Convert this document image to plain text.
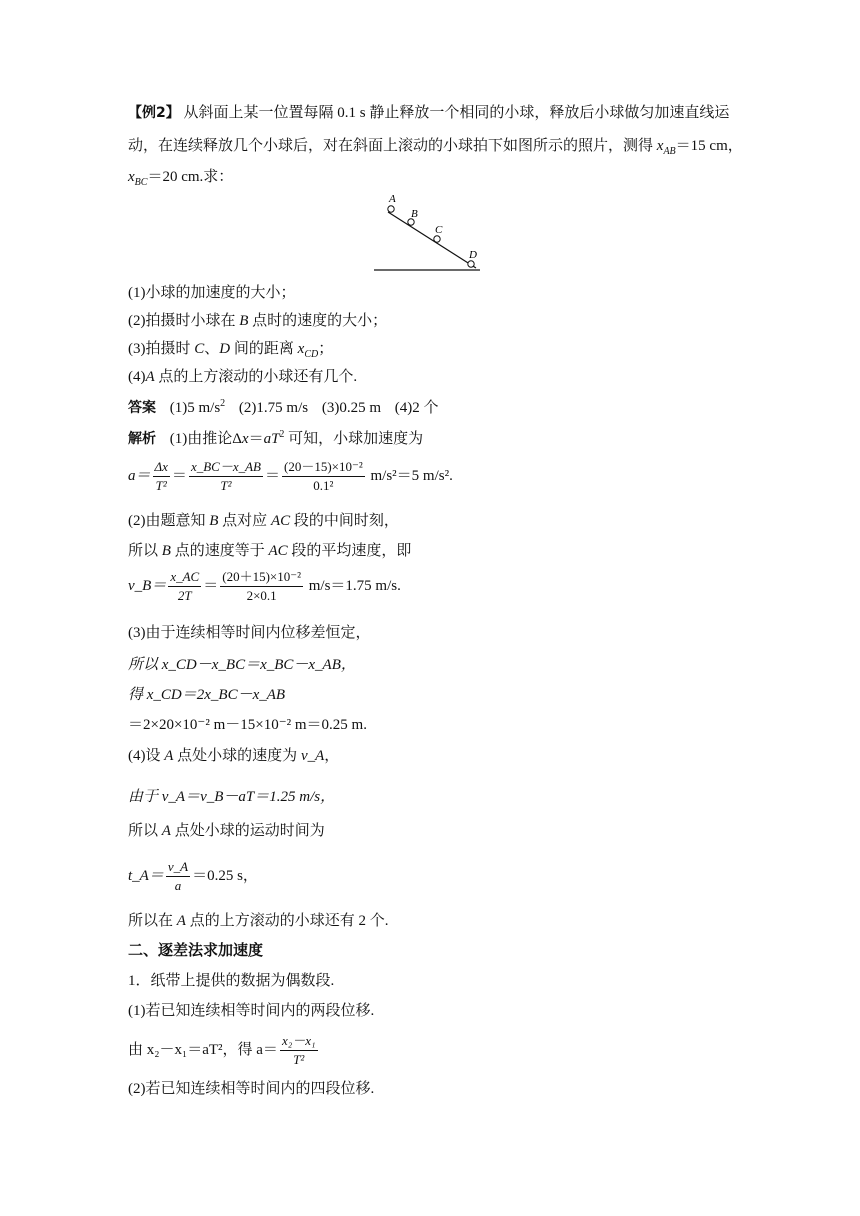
【例2】 从斜面上某一位置每隔 0.1 s 静止释放一个相同的小球，释放后小球做匀加速直线运
动，在连续释放几个小球后，对在斜面上滚动的小球拍下如图所示的照片，测得 $x_{AB}=15$ cm，
$x_{BC}=20$ cm.求：
A
B
C
D
(1)小球的加速度的大小；
(2)拍摄时小球在 B 点时的速度的大小；
(3)拍摄时 C、D 间的距离 $x_{CD}$；
(4)A 点的上方滚动的小球还有几个.
答案 (1)5 $m/s^2$ (2)1.75 m/s (3)0.25 m (4)2 个
解析 (1)由推论$\Delta x=aT^2$ 可知，小球加速度为
$a= \frac{\Delta x}{\text{T²}} = \frac{x\_BC-x\_AB}{\text{T²}} = \frac{\text{(20－15)×10⁻²}}{\text{0.1²}} m/s^2=5$ m/s².
(2)由题意知 B 点对应 AC 段的中间时刻，
所以 B 点的速度等于 AC 段的平均速度，即
v_B＝ $\frac{x\_AC}{2T} = \frac{\text{(20＋15)×10⁻²}}{2\times 0.1} m/s=1.75$ m/s.
(3)由于连续相等时间内位移差恒定，
所以 x_CD－x_BC＝x_BC－x_AB，
得 x_CD＝2x_BC－x_AB
＝2×20×10⁻² m－15×10⁻² m＝0.25 m.
(4)设 A 点处小球的速度为 v_A，
由于 v_A＝v_B－aT＝1.25 m/s，
所以 A 点处小球的运动时间为
t_A＝ $\frac{v\_A}{a} =0.25$ s，
所以在 A 点的上方滚动的小球还有 2 个.
二、逐差法求加速度
1．纸带上提供的数据为偶数段.
(1)若已知连续相等时间内的两段位移.
由 x₂－x₁＝aT²，得 $a= \frac{\text{x₂－x₁}}{\text{T²}}$
(2)若已知连续相等时间内的四段位移.
